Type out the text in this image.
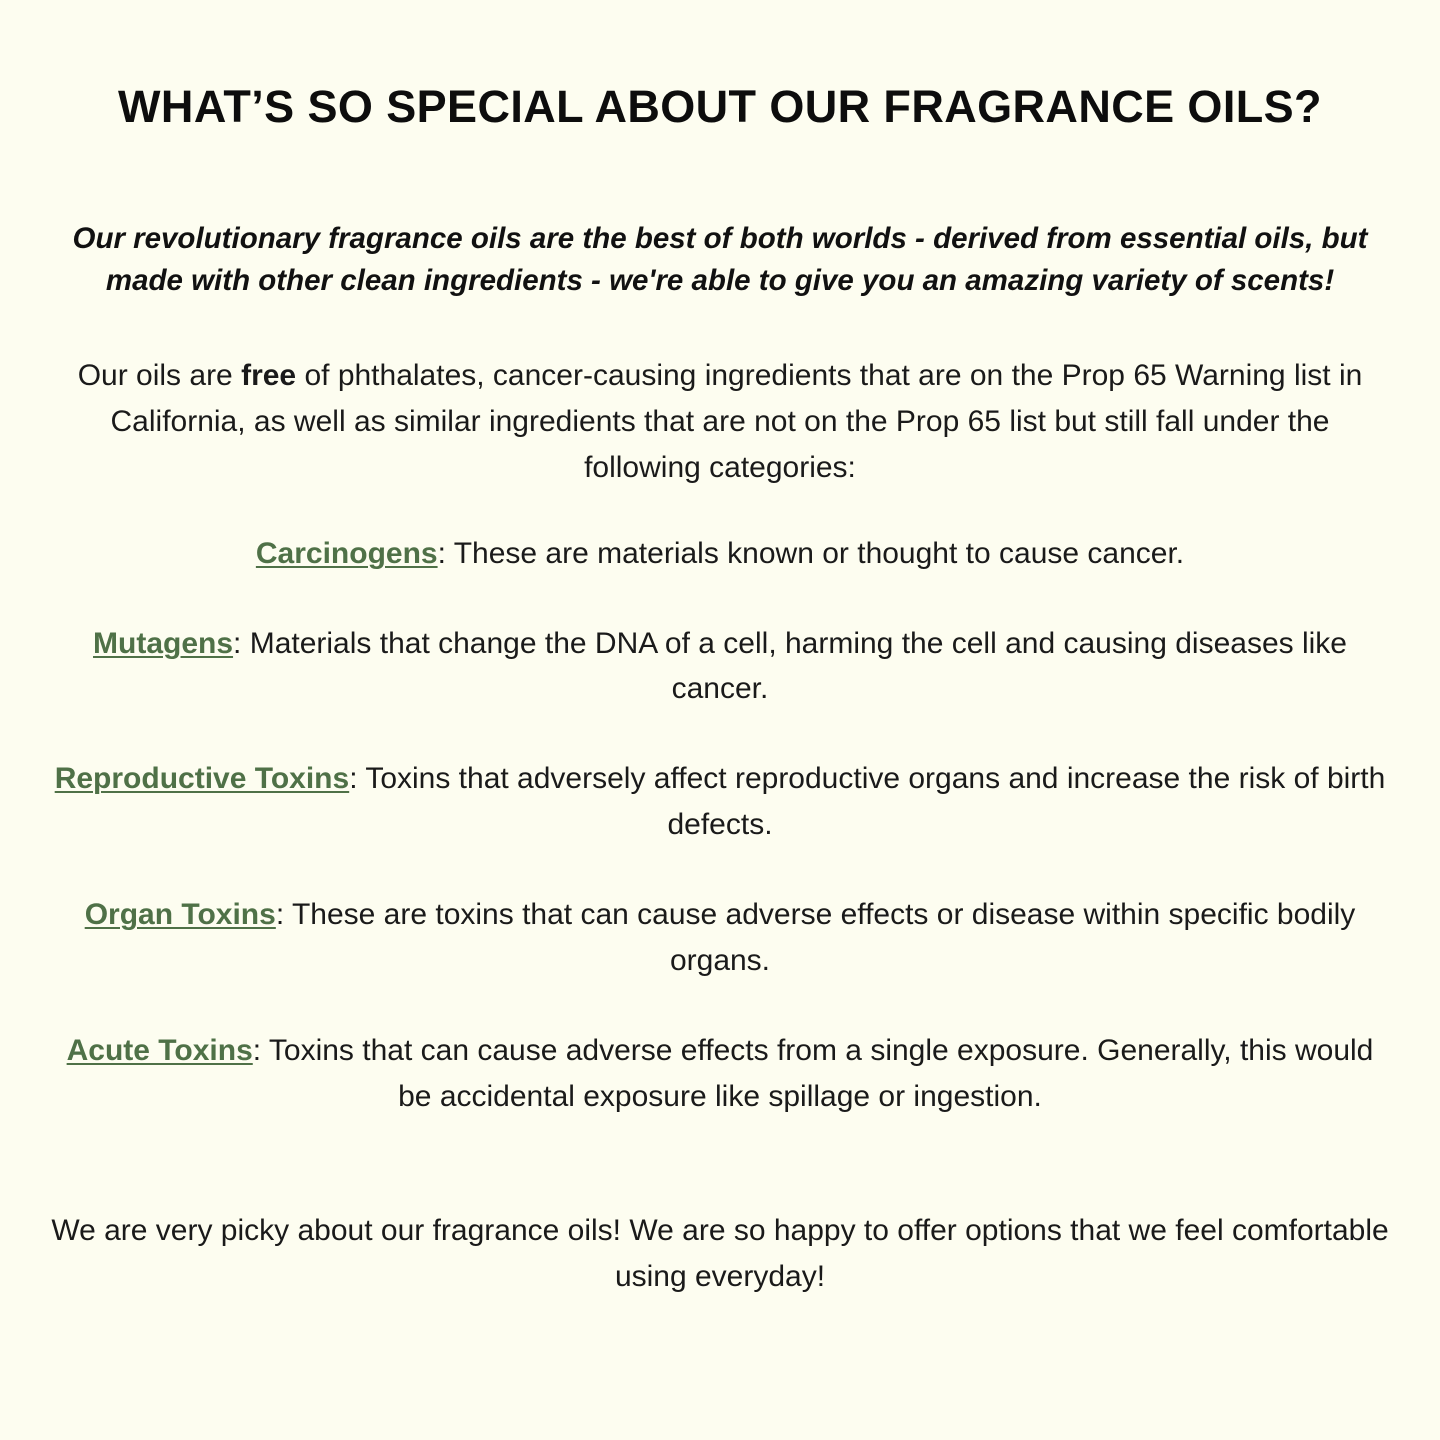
WHAT’S SO SPECIAL ABOUT OUR FRAGRANCE OILS?

Our revolutionary fragrance oils are the best of both worlds - derived from essential oils, but made with other clean ingredients - we're able to give you an amazing variety of scents!

Our oils are free of phthalates, cancer-causing ingredients that are on the Prop 65 Warning list in California, as well as similar ingredients that are not on the Prop 65 list but still fall under the following categories:

Carcinogens: These are materials known or thought to cause cancer.

Mutagens: Materials that change the DNA of a cell, harming the cell and causing diseases like cancer.

Reproductive Toxins: Toxins that adversely affect reproductive organs and increase the risk of birth defects.

Organ Toxins: These are toxins that can cause adverse effects or disease within specific bodily organs.

Acute Toxins: Toxins that can cause adverse effects from a single exposure. Generally, this would be accidental exposure like spillage or ingestion.

We are very picky about our fragrance oils! We are so happy to offer options that we feel comfortable using everyday!
